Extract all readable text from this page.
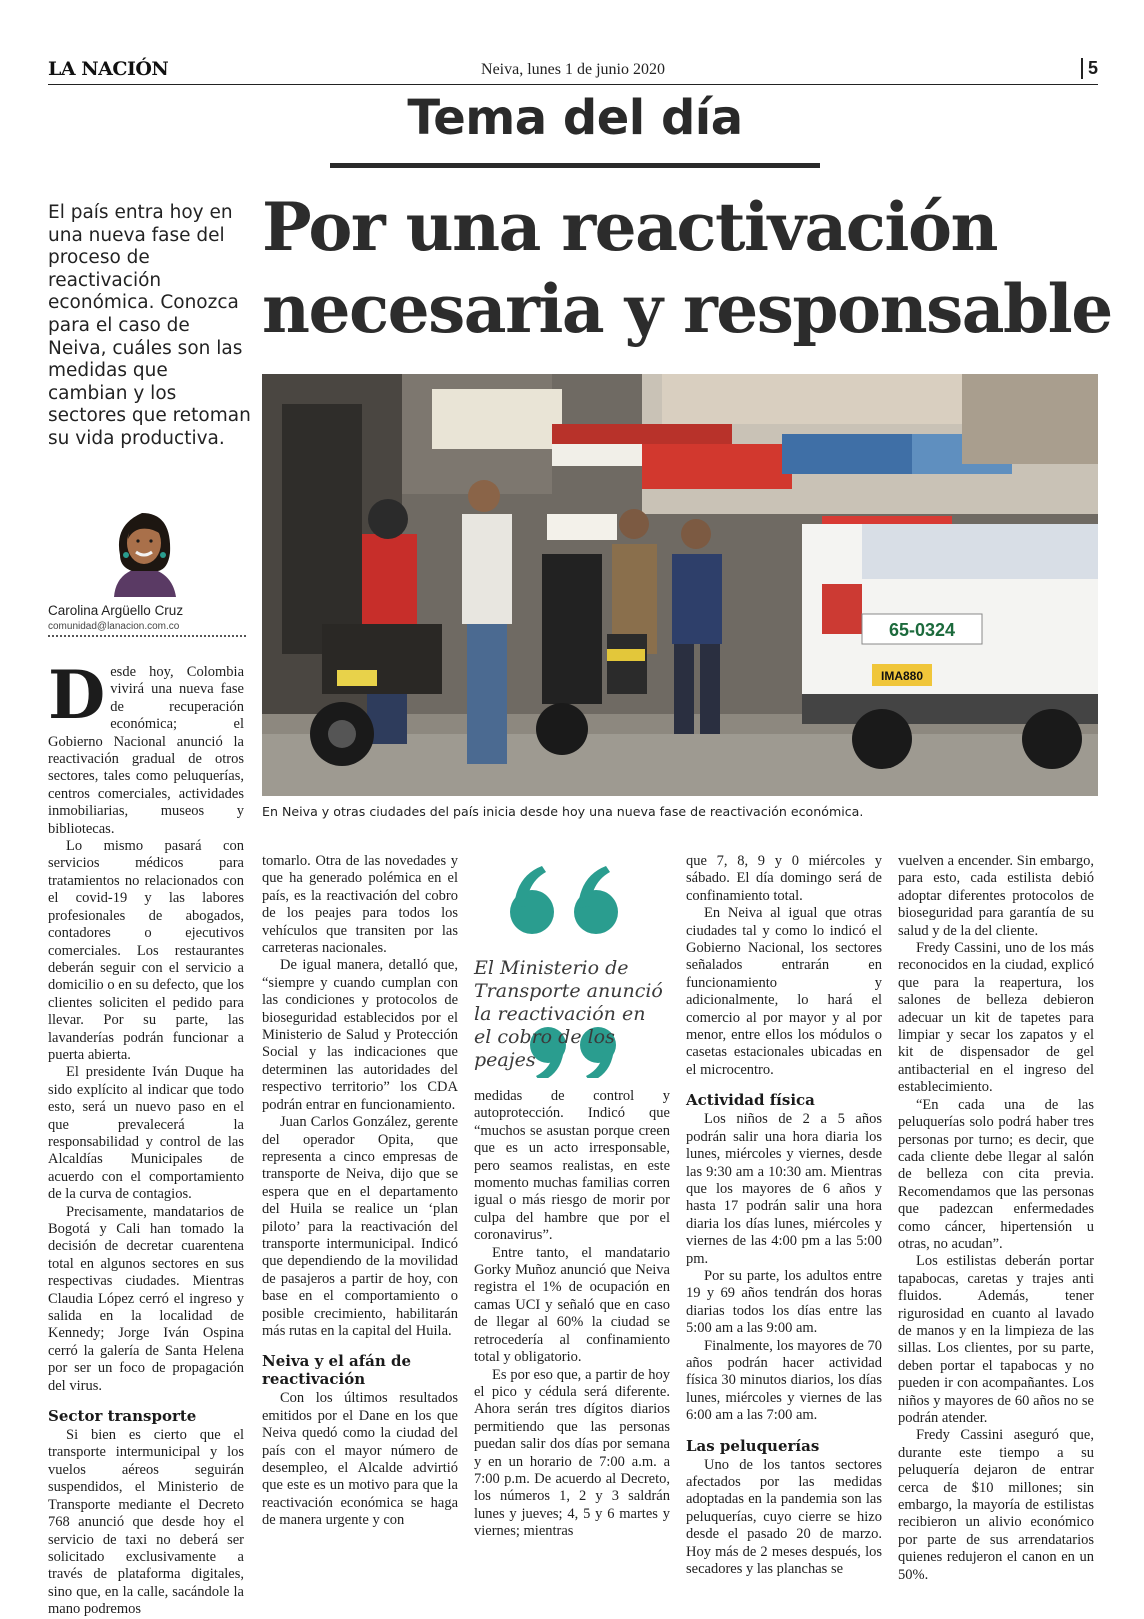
LA NACIÓN	Neiva, lunes 1 de junio 2020	5
Tema del día
Por una reactivación
necesaria y responsable
El país entra hoy en una nueva fase del proceso de reactivación económica. Conozca para el caso de Neiva, cuáles son las medidas que cambian y los sectores que retoman su vida productiva.
Carolina Argüello Cruz
comunidad@lanacion.com.co	65-0324
IMA880
En Neiva y otras ciudades del país inicia desde hoy una nueva fase de reactivación económica.

Desde hoy, Colombia vivirá una nueva fase de recuperación económica; el Gobierno Nacional anunció la reactivación gradual de otros sectores, tales como peluquerías, centros comerciales, actividades inmobiliarias, museos y bibliotecas.

Lo mismo pasará con servicios médicos para tratamientos no relacionados con el covid-19 y las labores profesionales de abogados, contadores o ejecutivos comerciales. Los restaurantes deberán seguir con el servicio a domicilio o en su defecto, que los clientes soliciten el pedido para llevar. Por su parte, las lavanderías podrán funcionar a puerta abierta.

El presidente Iván Duque ha sido explícito al indicar que todo esto, será un nuevo paso en el que prevalecerá la responsabilidad y control de las Alcaldías Municipales de acuerdo con el comportamiento de la curva de contagios.

Precisamente, mandatarios de Bogotá y Cali han tomado la decisión de decretar cuarentena total en algunos sectores en sus respectivas ciudades. Mientras Claudia López cerró el ingreso y salida en la localidad de Kennedy; Jorge Iván Ospina cerró la galería de Santa Helena por ser un foco de propagación del virus.

Sector transporte

Si bien es cierto que el transporte intermunicipal y los vuelos aéreos seguirán suspendidos, el Ministerio de Transporte mediante el Decreto 768 anunció que desde hoy el servicio de taxi no deberá ser solicitado exclusivamente a través de plataforma digitales, sino que, en la calle, sacándole la mano podremos

tomarlo. Otra de las novedades y que ha generado polémica en el país, es la reactivación del cobro de los peajes para todos los vehículos que transiten por las carreteras nacionales.

De igual manera, detalló que, “siempre y cuando cumplan con las condiciones y protocolos de bioseguridad establecidos por el Ministerio de Salud y Protección Social y las indicaciones que determinen las autoridades del respectivo territorio” los CDA podrán entrar en funcionamiento.

Juan Carlos González, gerente del operador Opita, que representa a cinco empresas de transporte de Neiva, dijo que se espera que en el departamento del Huila se realice un ‘plan piloto’ para la reactivación del transporte intermunicipal. Indicó que dependiendo de la movilidad de pasajeros a partir de hoy, con base en el comportamiento o posible crecimiento, habilitarán más rutas en la capital del Huila.

Neiva y el afán de reactivación

Con los últimos resultados emitidos por el Dane en los que Neiva quedó como la ciudad del país con el mayor número de desempleo, el Alcalde advirtió que este es un motivo para que la reactivación económica se haga de manera urgente y con

El Ministerio de Transporte anunció la reactivación en el cobro de los peajes

medidas de control y autoprotección. Indicó que “muchos se asustan porque creen que es un acto irresponsable, pero seamos realistas, en este momento muchas familias corren igual o más riesgo de morir por culpa del hambre que por el coronavirus”.

Entre tanto, el mandatario Gorky Muñoz anunció que Neiva registra el 1% de ocupación en camas UCI y señaló que en caso de llegar al 60% la ciudad se retrocedería al confinamiento total y obligatorio.

Es por eso que, a partir de hoy el pico y cédula será diferente. Ahora serán tres dígitos diarios permitiendo que las personas puedan salir dos días por semana y en un horario de 7:00 a.m. a 7:00 p.m. De acuerdo al Decreto, los números 1, 2 y 3 saldrán lunes y jueves; 4, 5 y 6 martes y viernes; mientras

que 7, 8, 9 y 0 miércoles y sábado. El día domingo será de confinamiento total.

En Neiva al igual que otras ciudades tal y como lo indicó el Gobierno Nacional, los sectores señalados entrarán en funcionamiento y adicionalmente, lo hará el comercio al por mayor y al por menor, entre ellos los módulos o casetas estacionales ubicadas en el microcentro.

Actividad física

Los niños de 2 a 5 años podrán salir una hora diaria los lunes, miércoles y viernes, desde las 9:30 am a 10:30 am. Mientras que los mayores de 6 años y hasta 17 podrán salir una hora diaria los días lunes, miércoles y viernes de las 4:00 pm a las 5:00 pm.

Por su parte, los adultos entre 19 y 69 años tendrán dos horas diarias todos los días entre las 5:00 am a las 9:00 am.

Finalmente, los mayores de 70 años podrán hacer actividad física 30 minutos diarios, los días lunes, miércoles y viernes de las 6:00 am a las 7:00 am.

Las peluquerías

Uno de los tantos sectores afectados por las medidas adoptadas en la pandemia son las peluquerías, cuyo cierre se hizo desde el pasado 20 de marzo. Hoy más de 2 meses después, los secadores y las planchas se

vuelven a encender. Sin embargo, para esto, cada estilista debió adoptar diferentes protocolos de bioseguridad para garantía de su salud y de la del cliente.

Fredy Cassini, uno de los más reconocidos en la ciudad, explicó que para la reapertura, los salones de belleza debieron adecuar un kit de tapetes para limpiar y secar los zapatos y el kit de dispensador de gel antibacterial en el ingreso del establecimiento.

“En cada una de las peluquerías solo podrá haber tres personas por turno; es decir, que cada cliente debe llegar al salón de belleza con cita previa. Recomendamos que las personas que padezcan enfermedades como cáncer, hipertensión u otras, no acudan”.

Los estilistas deberán portar tapabocas, caretas y trajes anti fluidos. Además, tener rigurosidad en cuanto al lavado de manos y en la limpieza de las sillas. Los clientes, por su parte, deben portar el tapabocas y no pueden ir con acompañantes. Los niños y mayores de 60 años no se podrán atender.

Fredy Cassini aseguró que, durante este tiempo a su peluquería dejaron de entrar cerca de $10 millones; sin embargo, la mayoría de estilistas recibieron un alivio económico por parte de sus arrendatarios quienes redujeron el canon en un 50%.
